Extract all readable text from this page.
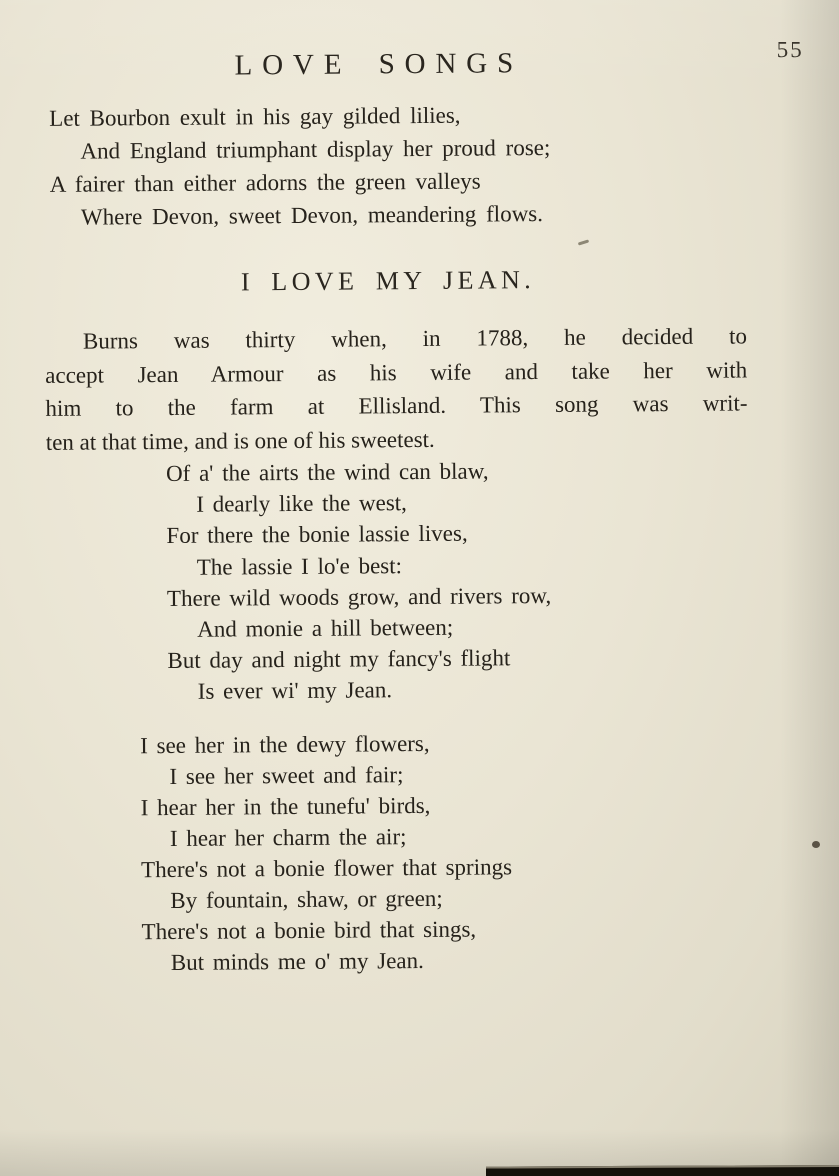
LOVE SONGS	55
Let Bourbon exult in his gay gilded lilies,
And England triumphant display her proud rose;
A fairer than either adorns the green valleys
Where Devon, sweet Devon, meandering flows.
I LOVE MY JEAN.
Burns was thirty when, in 1788, he decided to
accept Jean Armour as his wife and take her with
him to the farm at Ellisland. This song was writ-
ten at that time, and is one of his sweetest.
Of a' the airts the wind can blaw,
I dearly like the west,
For there the bonie lassie lives,
The lassie I lo'e best:
There wild woods grow, and rivers row,
And monie a hill between;
But day and night my fancy's flight
Is ever wi' my Jean.
I see her in the dewy flowers,
I see her sweet and fair;
I hear her in the tunefu' birds,
I hear her charm the air;
There's not a bonie flower that springs
By fountain, shaw, or green;
There's not a bonie bird that sings,
But minds me o' my Jean.
